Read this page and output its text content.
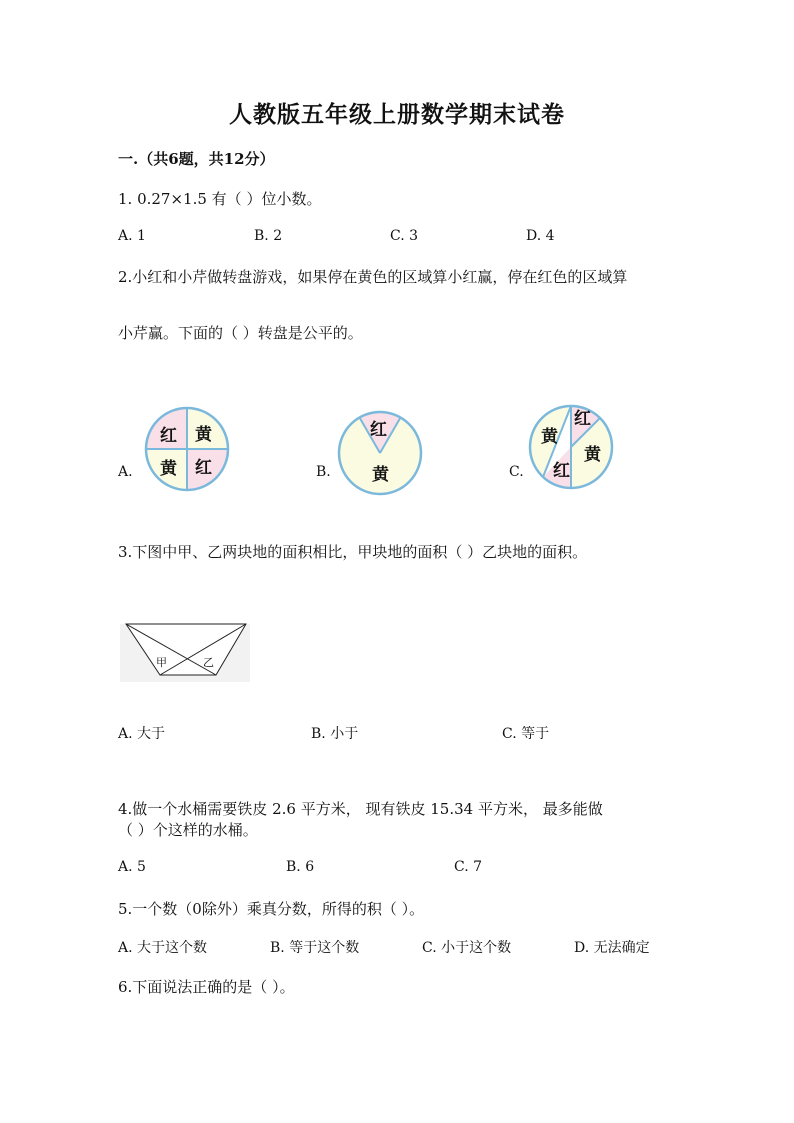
人教版五年级上册数学期末试卷
一.（共6题，共12分）
1. 0.27×1.5 有（ ）位小数。
A. 1	B. 2	C. 3	D. 4
2.小红和小芹做转盘游戏，如果停在黄色的区域算小红赢，停在红色的区域算
小芹赢。下面的（ ）转盘是公平的。
A.	B.	C.
红 黄
黄 红
红
黄
黄
红
黄
红
3.下图中甲、乙两块地的面积相比，甲块地的面积（ ）乙块地的面积。
甲	乙
A. 大于	B. 小于	C. 等于
4.做一个水桶需要铁皮 2.6 平方米， 现有铁皮 15.34 平方米， 最多能做
（ ）个这样的水桶。
A. 5	B. 6	C. 7
5.一个数（0除外）乘真分数，所得的积（ ）。
A. 大于这个数	B. 等于这个数	C. 小于这个数	D. 无法确定
6.下面说法正确的是（ ）。
